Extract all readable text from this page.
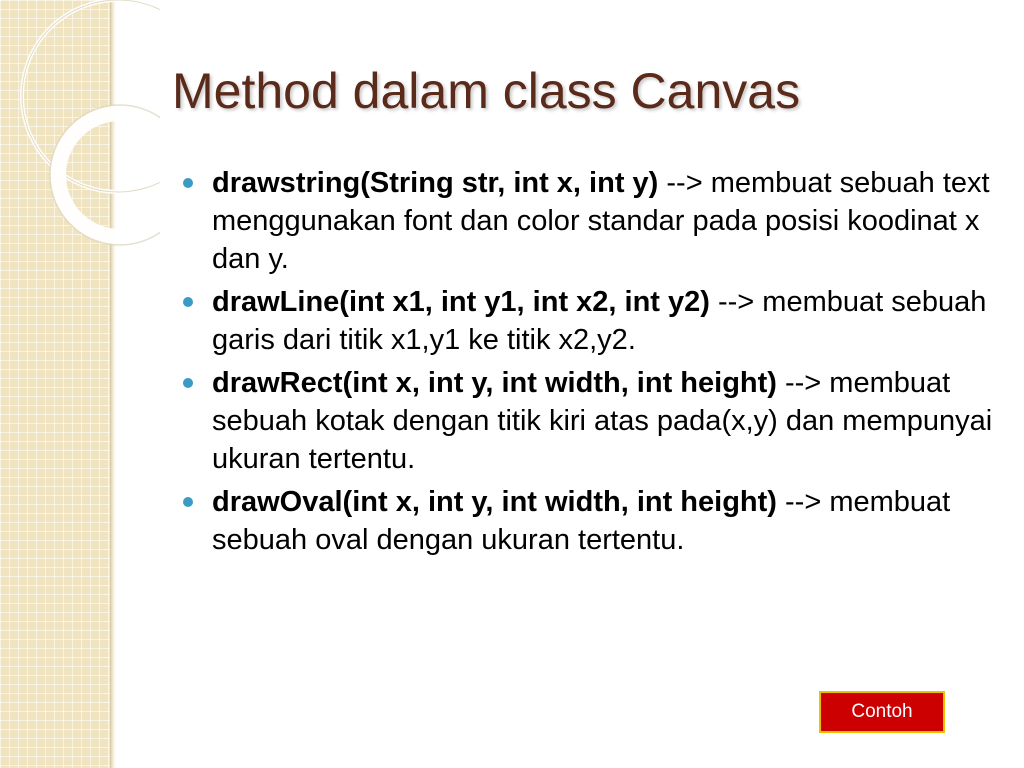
Method dalam class Canvas
drawstring(String str, int x, int y) --> membuat sebuah text menggunakan font dan color standar pada posisi koodinat x dan y.
drawLine(int x1, int y1, int x2, int y2) --> membuat sebuah garis dari titik x1,y1 ke titik x2,y2.
drawRect(int x, int y, int width, int height) --> membuat sebuah kotak dengan titik kiri atas pada(x,y) dan mempunyai ukuran tertentu.
drawOval(int x, int y, int width, int height) --> membuat sebuah oval dengan ukuran tertentu.
Contoh
